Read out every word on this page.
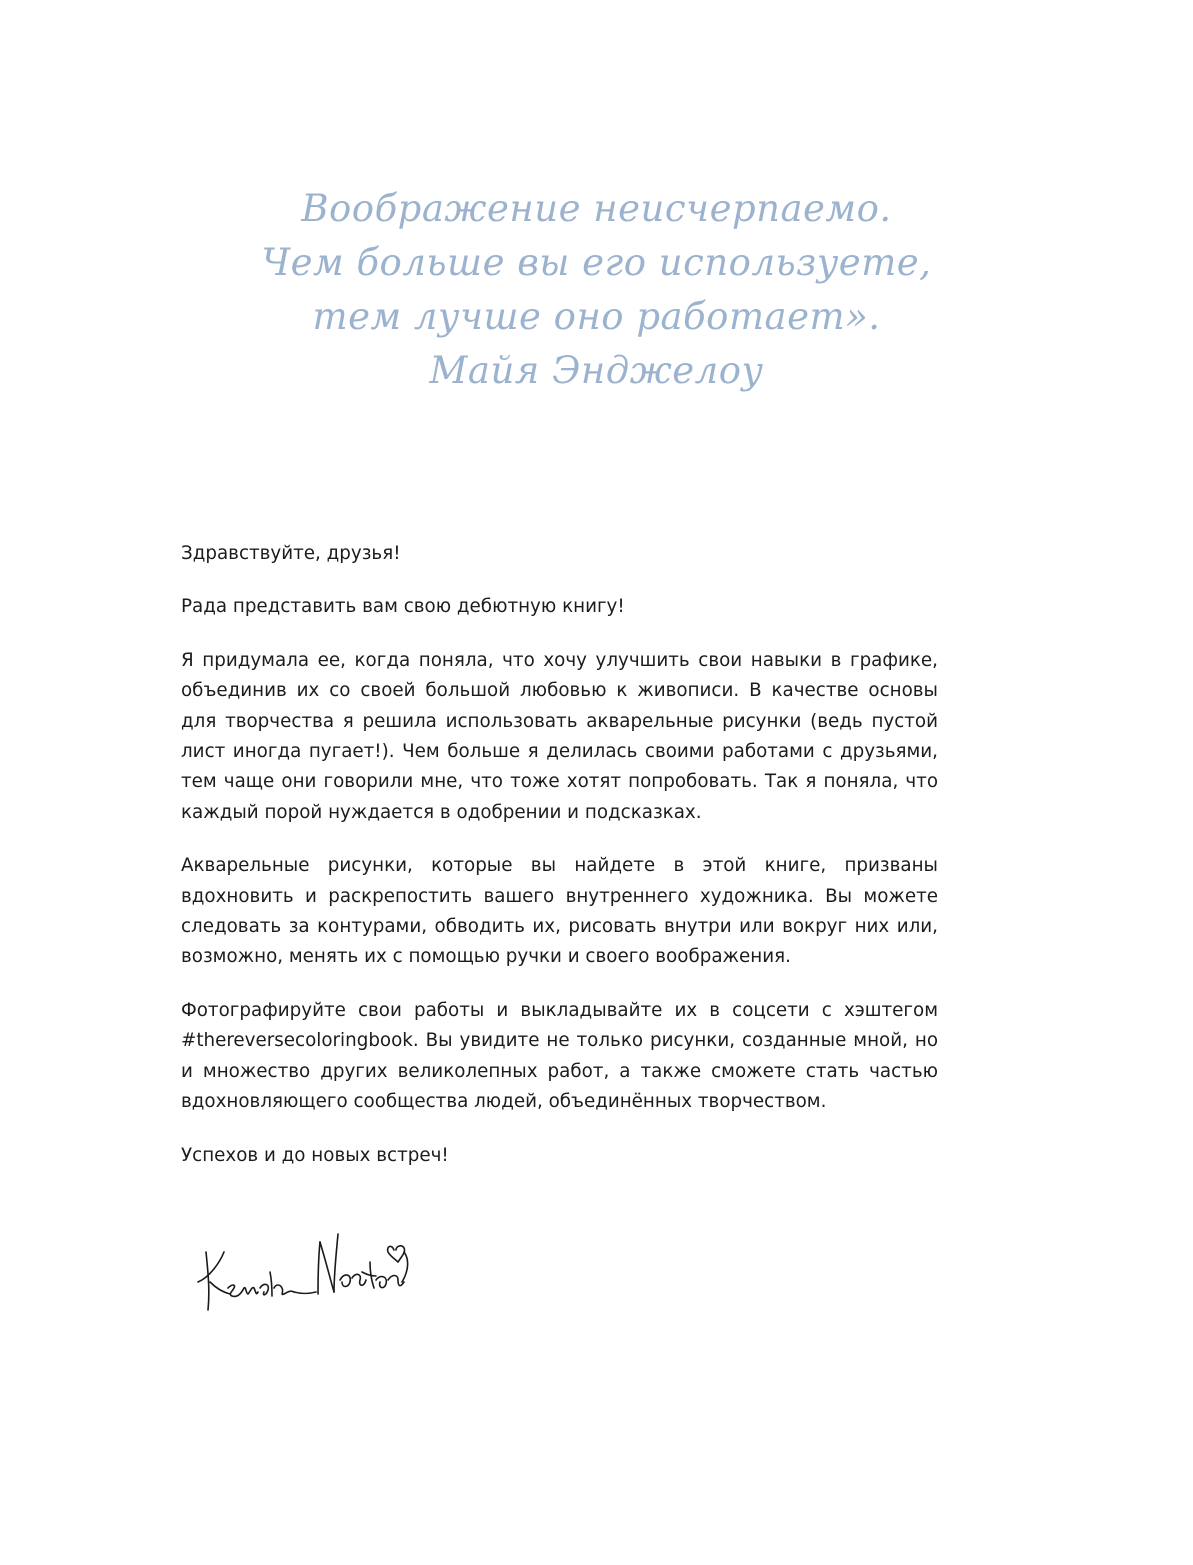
Воображение неисчерпаемо.
Чем больше вы его используете,
тем лучше оно работает».
Майя Энджелоу

Здравствуйте, друзья!

Рада представить вам свою дебютную книгу!

Я придумала ее, когда поняла, что хочу улучшить свои навыки в графике, объединив их со своей большой любовью к живописи. В качестве основы для творчества я решила использовать акварельные рисунки (ведь пустой лист иногда пугает!). Чем больше я делилась своими работами с друзьями, тем чаще они говорили мне, что тоже хотят попробовать. Так я поняла, что каждый порой нуждается в одобрении и подсказках.

Акварельные рисунки, которые вы найдете в этой книге, призваны вдохновить и раскрепостить вашего внутреннего художника. Вы можете следовать за контурами, обводить их, рисовать внутри или вокруг них или, возможно, менять их с помощью ручки и своего воображения.

Фотографируйте свои работы и выкладывайте их в соцсети с хэштегом #thereversecoloringbook. Вы увидите не только рисунки, созданные мной, но и множество других великолепных работ, а также сможете стать частью вдохновляющего сообщества людей, объединённых творчеством.

Успехов и до новых встреч!
